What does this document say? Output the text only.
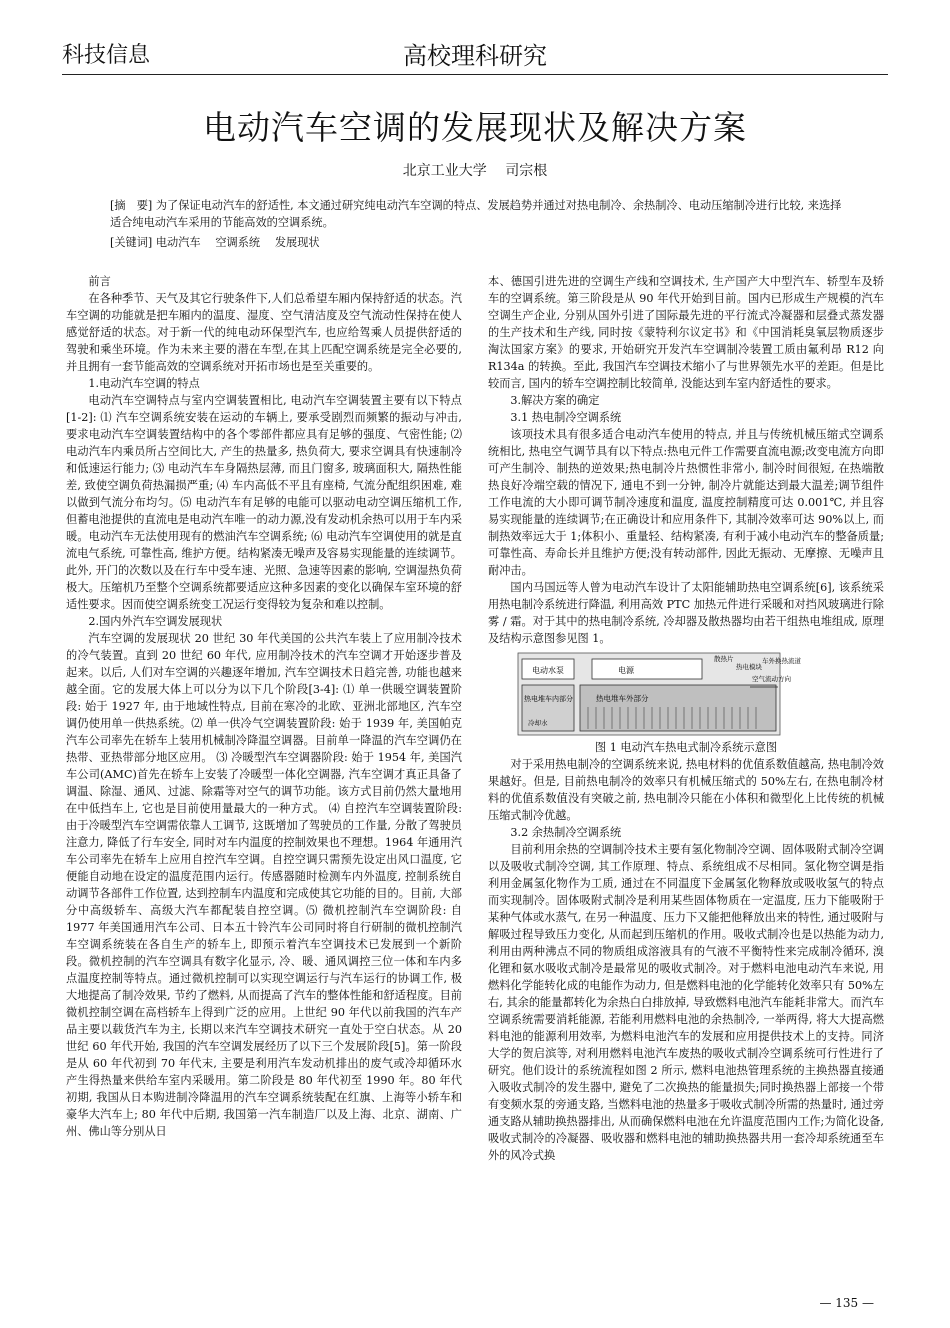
科技信息	高校理科研究
电动汽车空调的发展现状及解决方案
北京工业大学　 司宗根
[摘　要] 为了保证电动汽车的舒适性, 本文通过研究纯电动汽车空调的特点、发展趋势并通过对热电制冷、余热制冷、电动压缩制冷进行比较, 来选择适合纯电动汽车采用的节能高效的空调系统。
[关键词] 电动汽车　 空调系统　 发展现状

前言

在各种季节、天气及其它行驶条件下,人们总希望车厢内保持舒适的状态。汽车空调的功能就是把车厢内的温度、湿度、空气清洁度及空气流动性保持在使人感觉舒适的状态。对于新一代的纯电动环保型汽车, 也应给驾乘人员提供舒适的驾驶和乘坐环境。作为未来主要的潜在车型,在其上匹配空调系统是完全必要的,并且拥有一套节能高效的空调系统对开拓市场也是至关重要的。

1.电动汽车空调的特点

电动汽车空调特点与室内空调装置相比, 电动汽车空调装置主要有以下特点[1-2]: ⑴ 汽车空调系统安装在运动的车辆上, 要承受剧烈而频繁的振动与冲击, 要求电动汽车空调装置结构中的各个零部件都应具有足够的强度、气密性能; ⑵ 电动汽车内乘员所占空间比大, 产生的热量多, 热负荷大, 要求空调具有快速制冷和低速运行能力; ⑶ 电动汽车车身隔热层薄, 而且门窗多, 玻璃面积大, 隔热性能差, 致使空调负荷热漏损严重; ⑷ 车内高低不平且有座椅, 气流分配组织困难, 难以做到气流分布均匀。⑸ 电动汽车有足够的电能可以驱动电动空调压缩机工作, 但蓄电池提供的直流电是电动汽车唯一的动力源,没有发动机余热可以用于车内采暖。电动汽车无法使用现有的燃油汽车空调系统; ⑹ 电动汽车空调使用的就是直流电气系统, 可靠性高, 维护方便。结构紧凑无噪声及容易实现能量的连续调节。此外, 开门的次数以及在行车中受车速、光照、急速等因素的影响, 空调湿热负荷极大。压缩机乃至整个空调系统都要适应这种多因素的变化以确保车室环境的舒适性要求。因而使空调系统变工况运行变得较为复杂和难以控制。

2.国内外汽车空调发展现状

汽车空调的发展现状 20 世纪 30 年代美国的公共汽车装上了应用制冷技术的冷气装置。直到 20 世纪 60 年代, 应用制冷技术的汽车空调才开始逐步普及起来。以后, 人们对车空调的兴趣逐年增加, 汽车空调技术日趋完善, 功能也越来越全面。它的发展大体上可以分为以下几个阶段[3-4]: ⑴ 单一供暖空调装置阶段: 始于 1927 年, 由于地域性特点, 目前在寒冷的北欧、亚洲北部地区, 汽车空调仍使用单一供热系统。⑵ 单一供冷气空调装置阶段: 始于 1939 年, 美国帕克汽车公司率先在轿车上装用机械制冷降温空调器。目前单一降温的汽车空调仍在热带、亚热带部分地区应用。 ⑶ 冷暖型汽车空调器阶段: 始于 1954 年, 美国汽车公司(AMC)首先在轿车上安装了冷暖型一体化空调器, 汽车空调才真正具备了调温、除湿、通风、过滤、除霜等对空气的调节功能。该方式目前仍然大量地用在中低挡车上, 它也是目前使用量最大的一种方式。 ⑷ 自控汽车空调装置阶段: 由于冷暖型汽车空调需依靠人工调节, 这既增加了驾驶员的工作量, 分散了驾驶员注意力, 降低了行车安全, 同时对车内温度的控制效果也不理想。1964 年通用汽车公司率先在轿车上应用自控汽车空调。自控空调只需预先设定出风口温度, 它便能自动地在设定的温度范围内运行。传感器随时检测车内外温度, 控制系统自动调节各部件工作位置, 达到控制车内温度和完成使其它功能的目的。目前, 大部分中高级轿车、高级大汽车都配装自控空调。⑸ 微机控制汽车空调阶段: 自 1977 年美国通用汽车公司、日本五十铃汽车公司同时将自行研制的微机控制汽车空调系统装在各自生产的轿车上, 即预示着汽车空调技术已发展到一个新阶段。微机控制的汽车空调具有数字化显示, 冷、暖、通风调控三位一体和车内多点温度控制等特点。通过微机控制可以实现空调运行与汽车运行的协调工作, 极大地提高了制冷效果, 节约了燃料, 从而提高了汽车的整体性能和舒适程度。目前微机控制空调在高档轿车上得到广泛的应用。上世纪 90 年代以前我国的汽车产品主要以载货汽车为主, 长期以来汽车空调技术研究一直处于空白状态。从 20 世纪 60 年代开始, 我国的汽车空调发展经历了以下三个发展阶段[5]。第一阶段是从 60 年代初到 70 年代末, 主要是利用汽车发动机排出的废气或冷却循环水产生得热量来供给车室内采暖用。第二阶段是 80 年代初至 1990 年。80 年代初期, 我国从日本购进制冷降温用的汽车空调系统装配在红旗、上海等小轿车和豪华大汽车上; 80 年代中后期, 我国第一汽车制造厂以及上海、北京、湖南、广州、佛山等分别从日

本、德国引进先进的空调生产线和空调技术, 生产国产大中型汽车、轿型车及轿车的空调系统。第三阶段是从 90 年代开始到目前。国内已形成生产规模的汽车空调生产企业, 分别从国外引进了国际最先进的平行流式冷凝器和层叠式蒸发器的生产技术和生产线, 同时按《蒙特利尔议定书》和《中国消耗臭氧层物质逐步淘汰国家方案》的要求, 开始研究开发汽车空调制冷装置工质由氟利昂 R12 向 R134a 的转换。至此, 我国汽车空调技术缩小了与世界领先水平的差距。但是比较而言, 国内的轿车空调控制比较简单, 没能达到车室内舒适性的要求。

3.解决方案的确定

3.1 热电制冷空调系统

该项技术具有很多适合电动汽车使用的特点, 并且与传统机械压缩式空调系统相比, 热电空气调节具有以下特点:热电元件工作需要直流电源;改变电流方向即可产生制冷、制热的逆效果;热电制冷片热惯性非常小, 制冷时间很短, 在热端散热良好冷端空载的情况下, 通电不到一分钟, 制冷片就能达到最大温差;调节组件工作电流的大小即可调节制冷速度和温度, 温度控制精度可达 0.001℃, 并且容易实现能量的连续调节;在正确设计和应用条件下, 其制冷效率可达 90%以上, 而制热效率远大于 1;体积小、重量轻、结构紧凑, 有利于减小电动汽车的整备质量;可靠性高、寿命长并且维护方便;没有转动部件, 因此无振动、无摩擦、无噪声且耐冲击。

国内马国远等人曾为电动汽车设计了太阳能辅助热电空调系统[6], 该系统采用热电制冷系统进行降温, 利用高效 PTC 加热元件进行采暖和对挡风玻璃进行除雾 / 霜。对于其中的热电制冷系统, 冷却器及散热器均由若干组热电堆组成, 原理及结构示意图参见图 1。

电动水泵	电源
热电堆车内部分	热电堆车外部分
散热片
热电模块
车外换热流道
空气流动方向
冷却水

图 1 电动汽车热电式制冷系统示意图

对于采用热电制冷的空调系统来说, 热电材料的优值系数值越高, 热电制冷效果越好。但是, 目前热电制冷的效率只有机械压缩式的 50%左右, 在热电制冷材料的优值系数值没有突破之前, 热电制冷只能在小体积和微型化上比传统的机械压缩式制冷优越。

3.2 余热制冷空调系统

目前利用余热的空调制冷技术主要有氢化物制冷空调、固体吸附式制冷空调以及吸收式制冷空调, 其工作原理、特点、系统组成不尽相同。氢化物空调是指利用金属氢化物作为工质, 通过在不同温度下金属氢化物释放或吸收氢气的特点而实现制冷。固体吸附式制冷是利用某些固体物质在一定温度, 压力下能吸附于某种气体或水蒸气, 在另一种温度、压力下又能把他释放出来的特性, 通过吸附与解吸过程导致压力变化, 从而起到压缩机的作用。吸收式制冷也是以热能为动力, 利用由两种沸点不同的物质组成溶液具有的气液不平衡特性来完成制冷循环, 溴化锂和氨水吸收式制冷是最常见的吸收式制冷。对于燃料电池电动汽车来说, 用燃料化学能转化成的电能作为动力, 但是燃料电池的化学能转化效率只有 50%左右, 其余的能量都转化为余热白白排放掉, 导致燃料电池汽车能耗非常大。而汽车空调系统需要消耗能源, 若能利用燃料电池的余热制冷, 一举两得, 将大大提高燃料电池的能源利用效率, 为燃料电池汽车的发展和应用提供技术上的支持。同济大学的贺启滨等, 对利用燃料电池汽车废热的吸收式制冷空调系统可行性进行了研究。他们设计的系统流程如图 2 所示, 燃料电池热管理系统的主换热器直接通入吸收式制冷的发生器中, 避免了二次换热的能量损失;同时换热器上部接一个带有变频水泵的旁通支路, 当燃料电池的热量多于吸收式制冷所需的热量时, 通过旁通支路从辅助换热器排出, 从而确保燃料电池在允许温度范围内工作;为简化设备, 吸收式制冷的冷凝器、吸收器和燃料电池的辅助换热器共用一套冷却系统通至车外的风冷式换

— 135 —
